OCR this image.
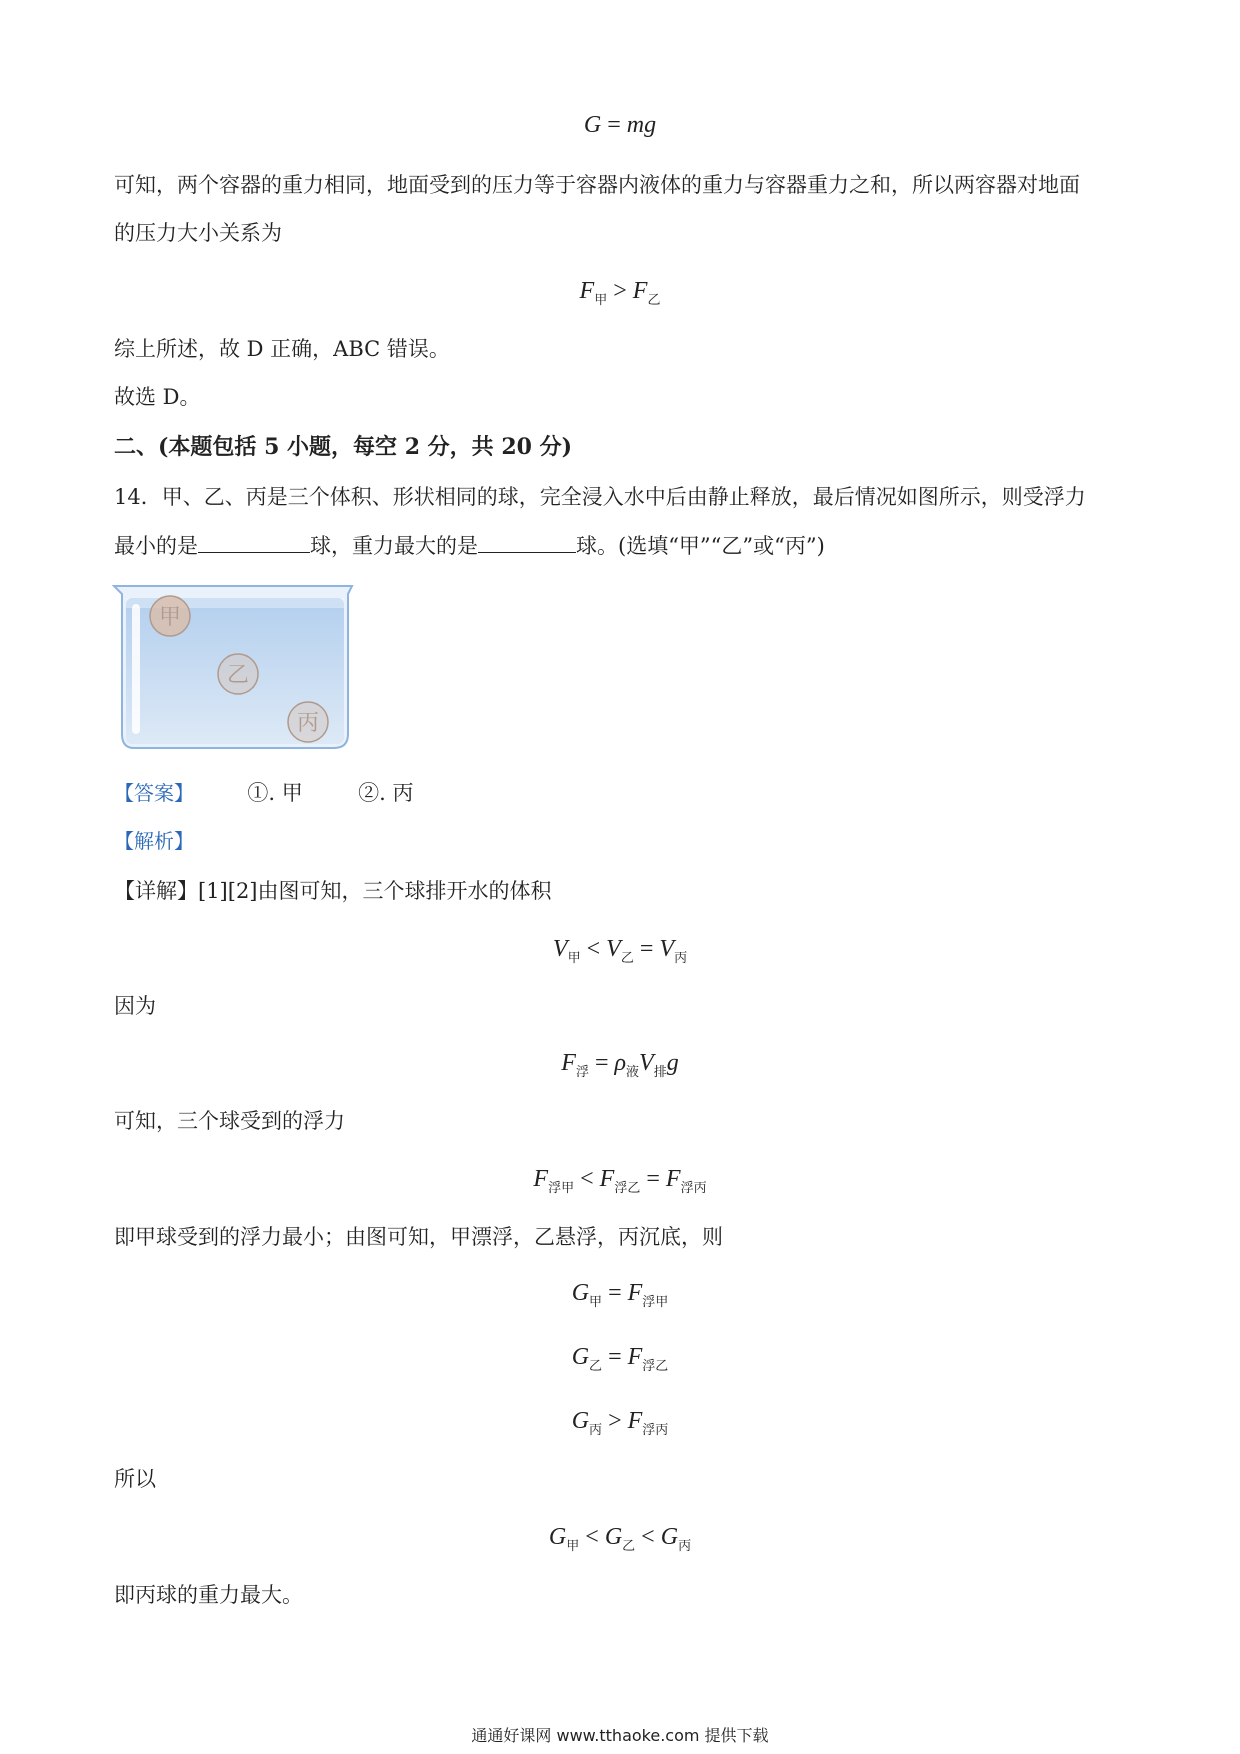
G = mg
可知，两个容器的重力相同，地面受到的压力等于容器内液体的重力与容器重力之和，所以两容器对地面
的压力大小关系为
$F_甲 > F_乙$
综上所述，故 D 正确，ABC 错误。
故选 D。
二、(本题包括 5 小题，每空 2 分，共 20 分)
14．甲、乙、丙是三个体积、形状相同的球，完全浸入水中后由静止释放，最后情况如图所示，则受浮力
最小的是	球，重力最大的是	球。(选填“甲”“乙”或“丙”)
甲
乙
丙
【答案】	①. 甲	②. 丙
【解析】
【详解】[1][2]由图可知，三个球排开水的体积
$V_甲 < V_乙 = V_丙$
因为
$F_浮 = \rho_液V_排g$
可知，三个球受到的浮力
$F_{浮甲} < F_{浮乙} = F_{浮丙}$
即甲球受到的浮力最小；由图可知，甲漂浮，乙悬浮，丙沉底，则
$G_甲 = F_{浮甲}$
$G_乙 = F_{浮乙}$
$G_丙 > F_{浮丙}$
所以
$G_甲 < G_乙 < G_丙$
即丙球的重力最大。
通通好课网 www.tthaoke.com 提供下载
